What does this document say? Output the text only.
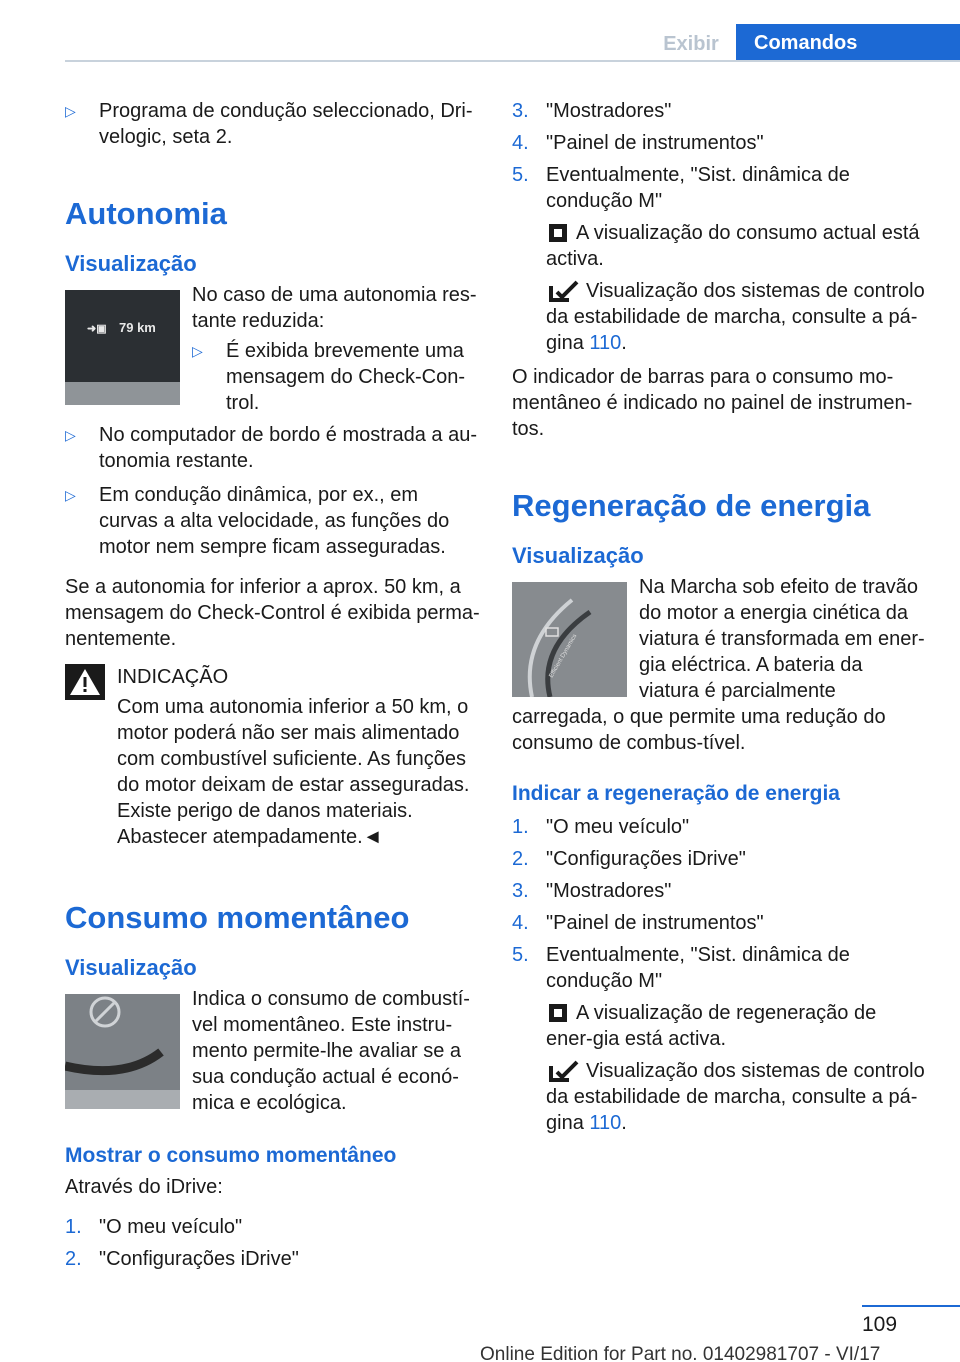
Exibir	Comandos
▷ Programa de condução seleccionado, Dri‐velogic, seta 2.

Autonomia
Visualização
➜▣ 79 km

No caso de uma autonomia res‐tante reduzida:

▷ É exibida brevemente uma mensagem do Check-Con‐trol.

▷ No computador de bordo é mostrada a au‐tonomia restante.

▷ Em condução dinâmica, por ex., em curvas a alta velocidade, as funções do motor nem sempre ficam asseguradas.

Se a autonomia for inferior a aprox. 50 km, a mensagem do Check-Control é exibida perma‐nentemente.

INDICAÇÃO

Com uma autonomia inferior a 50 km, o motor poderá não ser mais alimentado com combustível suficiente. As funções do motor deixam de estar asseguradas. Existe perigo de danos materiais. Abastecer atempadamente.◄

Consumo momentâneo
Visualização

Indica o consumo de combustí‐vel momentâneo. Este instru‐mento permite-lhe avaliar se a sua condução actual é econó‐mica e ecológica.

Mostrar o consumo momentâneo

Através do iDrive:

1. "O meu veículo"

2. "Configurações iDrive"

3. "Mostradores"

4. "Painel de instrumentos"

5. Eventualmente, "Sist. dinâmica de condução M"

A visualização do consumo actual está activa.

Visualização dos sistemas de controlo da estabilidade de marcha, consulte a pá‐gina 110.

O indicador de barras para o consumo mo‐mentâneo é indicado no painel de instrumen‐tos.

Regeneração de energia
Visualização
Efficient Dynamics

Na Marcha sob efeito de travão do motor a energia cinética da viatura é transformada em ener‐gia eléctrica. A bateria da viatura é parcialmente carregada, o que permite uma redução do consumo de combus‐tível.

Indicar a regeneração de energia
1. "O meu veículo"

2. "Configurações iDrive"

3. "Mostradores"

4. "Painel de instrumentos"

5. Eventualmente, "Sist. dinâmica de condução M"

A visualização de regeneração de ener‐gia está activa.

Visualização dos sistemas de controlo da estabilidade de marcha, consulte a pá‐gina 110.

109
Online Edition for Part no. 01402981707 - VI/17
